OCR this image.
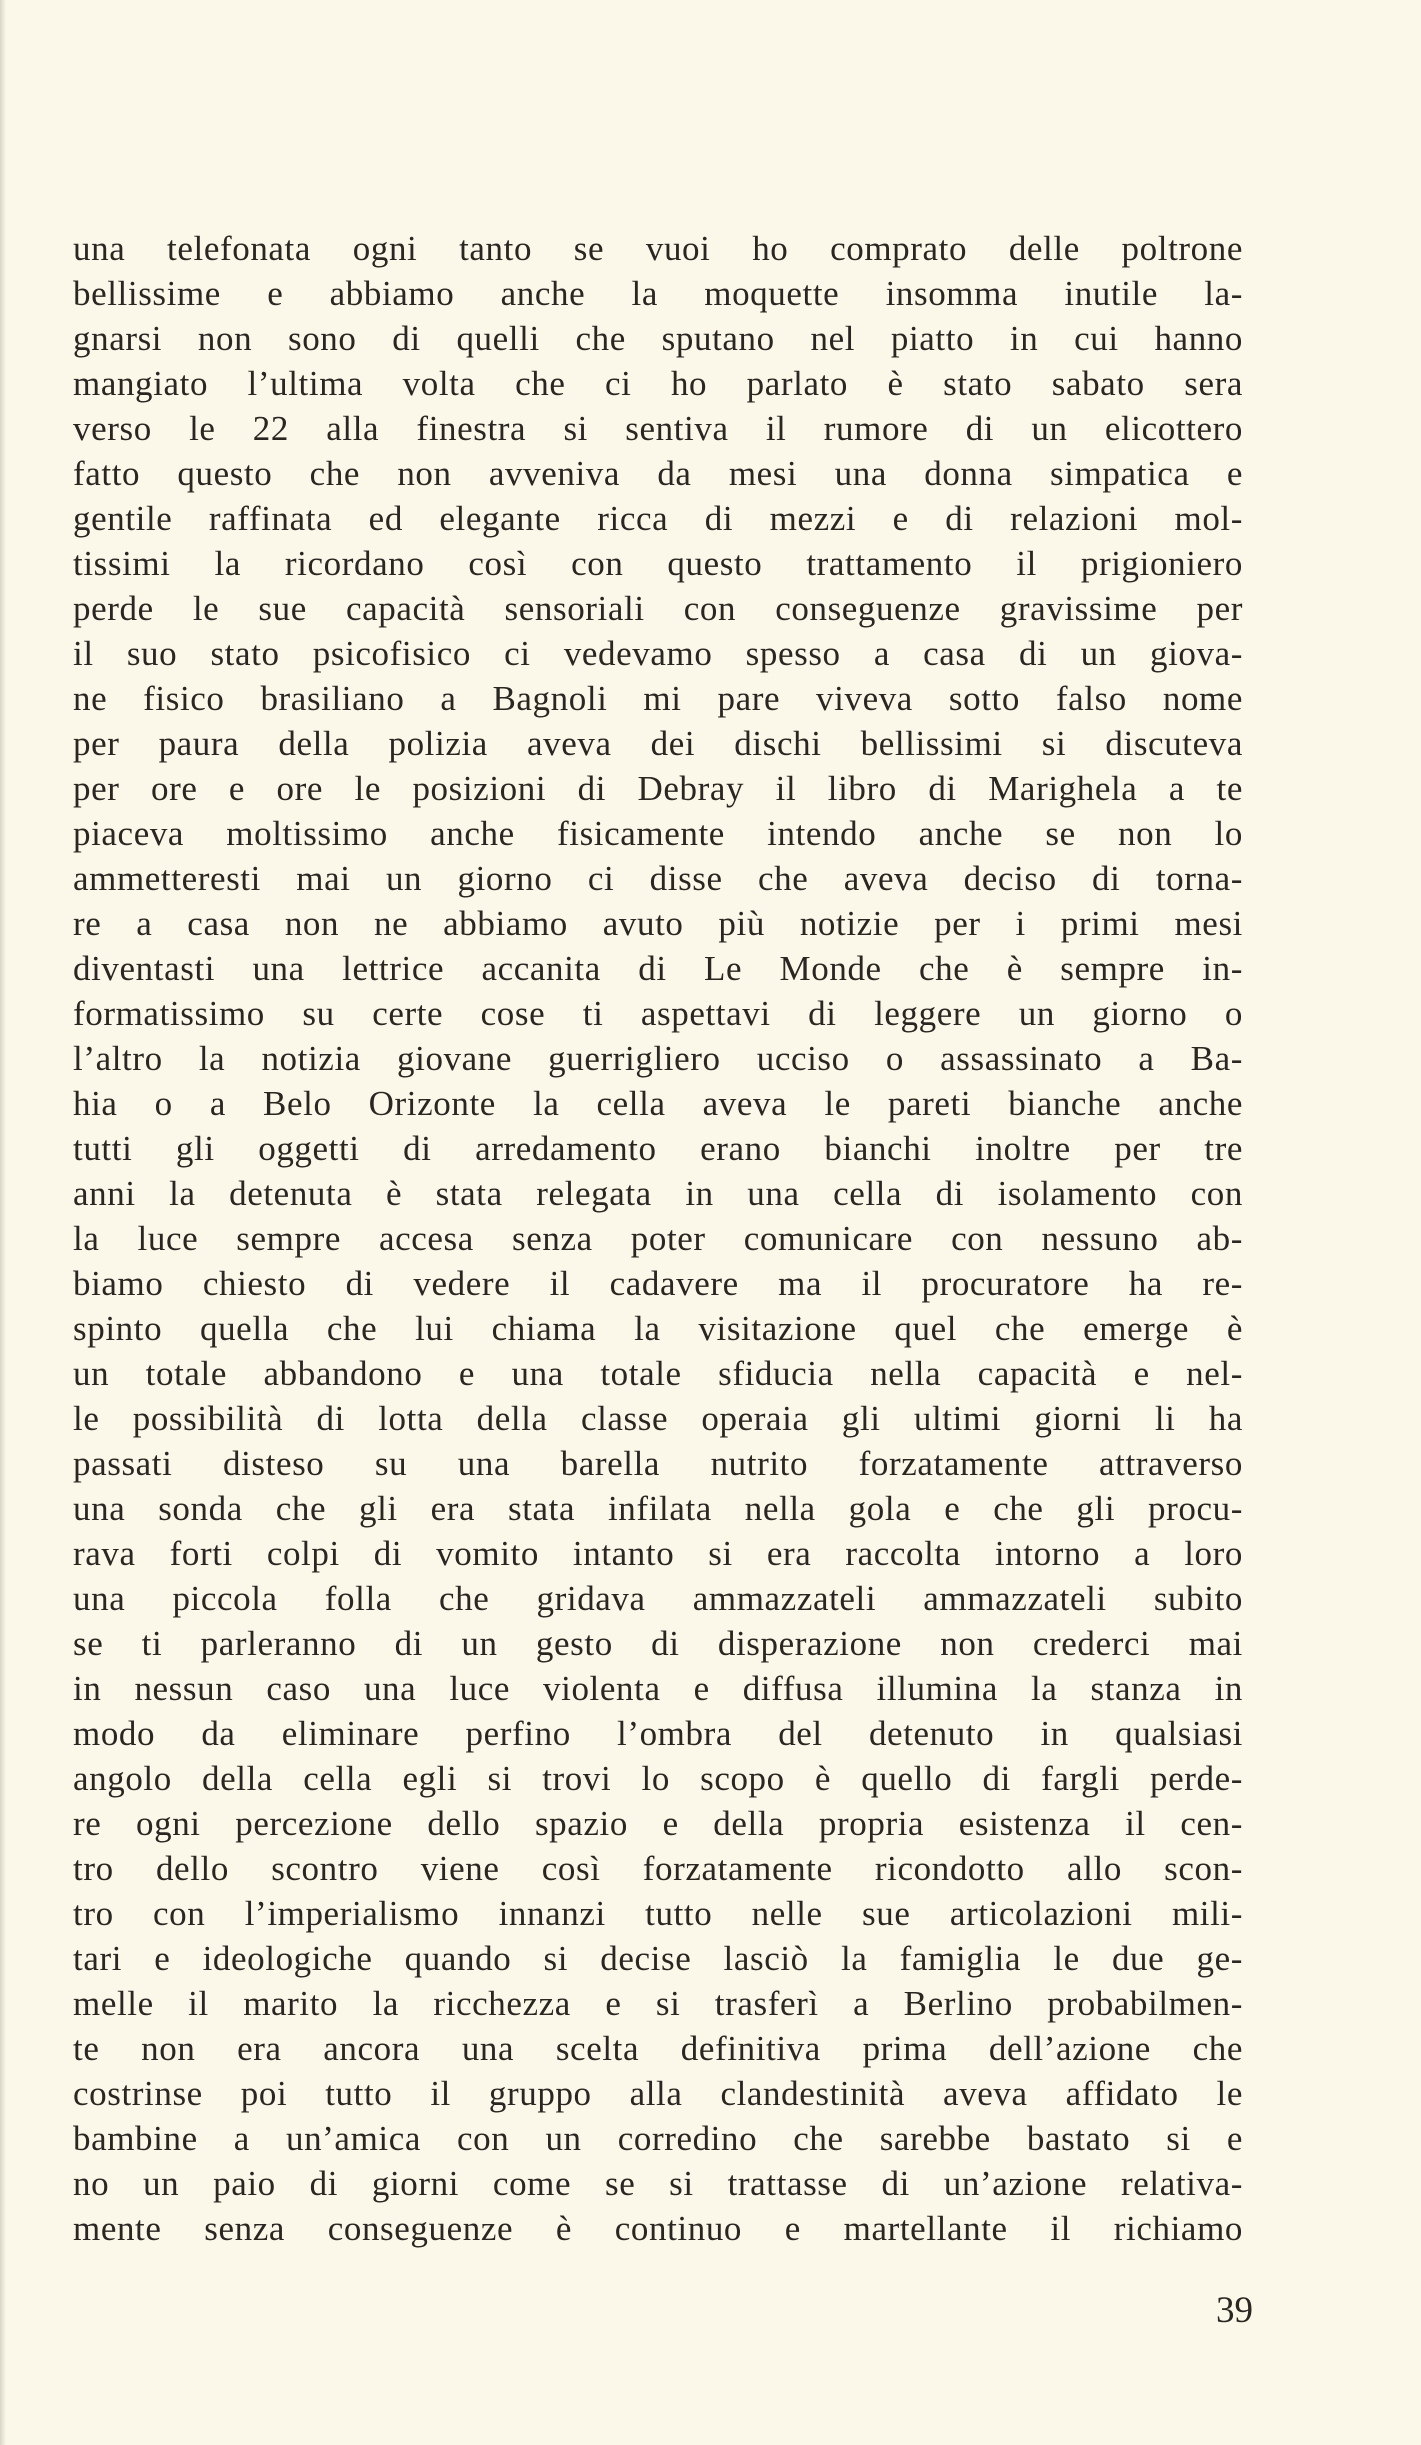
una telefonata ogni tanto se vuoi ho comprato delle poltrone
bellissime e abbiamo anche la moquette insomma inutile la-
gnarsi non sono di quelli che sputano nel piatto in cui hanno
mangiato l’ultima volta che ci ho parlato è stato sabato sera
verso le 22 alla finestra si sentiva il rumore di un elicottero
fatto questo che non avveniva da mesi una donna simpatica e
gentile raffinata ed elegante ricca di mezzi e di relazioni mol-
tissimi la ricordano così con questo trattamento il prigioniero
perde le sue capacità sensoriali con conseguenze gravissime per
il suo stato psicofisico ci vedevamo spesso a casa di un giova-
ne fisico brasiliano a Bagnoli mi pare viveva sotto falso nome
per paura della polizia aveva dei dischi bellissimi si discuteva
per ore e ore le posizioni di Debray il libro di Marighela a te
piaceva moltissimo anche fisicamente intendo anche se non lo
ammetteresti mai un giorno ci disse che aveva deciso di torna-
re a casa non ne abbiamo avuto più notizie per i primi mesi
diventasti una lettrice accanita di Le Monde che è sempre in-
formatissimo su certe cose ti aspettavi di leggere un giorno o
l’altro la notizia giovane guerrigliero ucciso o assassinato a Ba-
hia o a Belo Orizonte la cella aveva le pareti bianche anche
tutti gli oggetti di arredamento erano bianchi inoltre per tre
anni la detenuta è stata relegata in una cella di isolamento con
la luce sempre accesa senza poter comunicare con nessuno ab-
biamo chiesto di vedere il cadavere ma il procuratore ha re-
spinto quella che lui chiama la visitazione quel che emerge è
un totale abbandono e una totale sfiducia nella capacità e nel-
le possibilità di lotta della classe operaia gli ultimi giorni li ha
passati disteso su una barella nutrito forzatamente attraverso
una sonda che gli era stata infilata nella gola e che gli procu-
rava forti colpi di vomito intanto si era raccolta intorno a loro
una piccola folla che gridava ammazzateli ammazzateli subito
se ti parleranno di un gesto di disperazione non crederci mai
in nessun caso una luce violenta e diffusa illumina la stanza in
modo da eliminare perfino l’ombra del detenuto in qualsiasi
angolo della cella egli si trovi lo scopo è quello di fargli perde-
re ogni percezione dello spazio e della propria esistenza il cen-
tro dello scontro viene così forzatamente ricondotto allo scon-
tro con l’imperialismo innanzi tutto nelle sue articolazioni mili-
tari e ideologiche quando si decise lasciò la famiglia le due ge-
melle il marito la ricchezza e si trasferì a Berlino probabilmen-
te non era ancora una scelta definitiva prima dell’azione che
costrinse poi tutto il gruppo alla clandestinità aveva affidato le
bambine a un’amica con un corredino che sarebbe bastato si e
no un paio di giorni come se si trattasse di un’azione relativa-
mente senza conseguenze è continuo e martellante il richiamo
39
